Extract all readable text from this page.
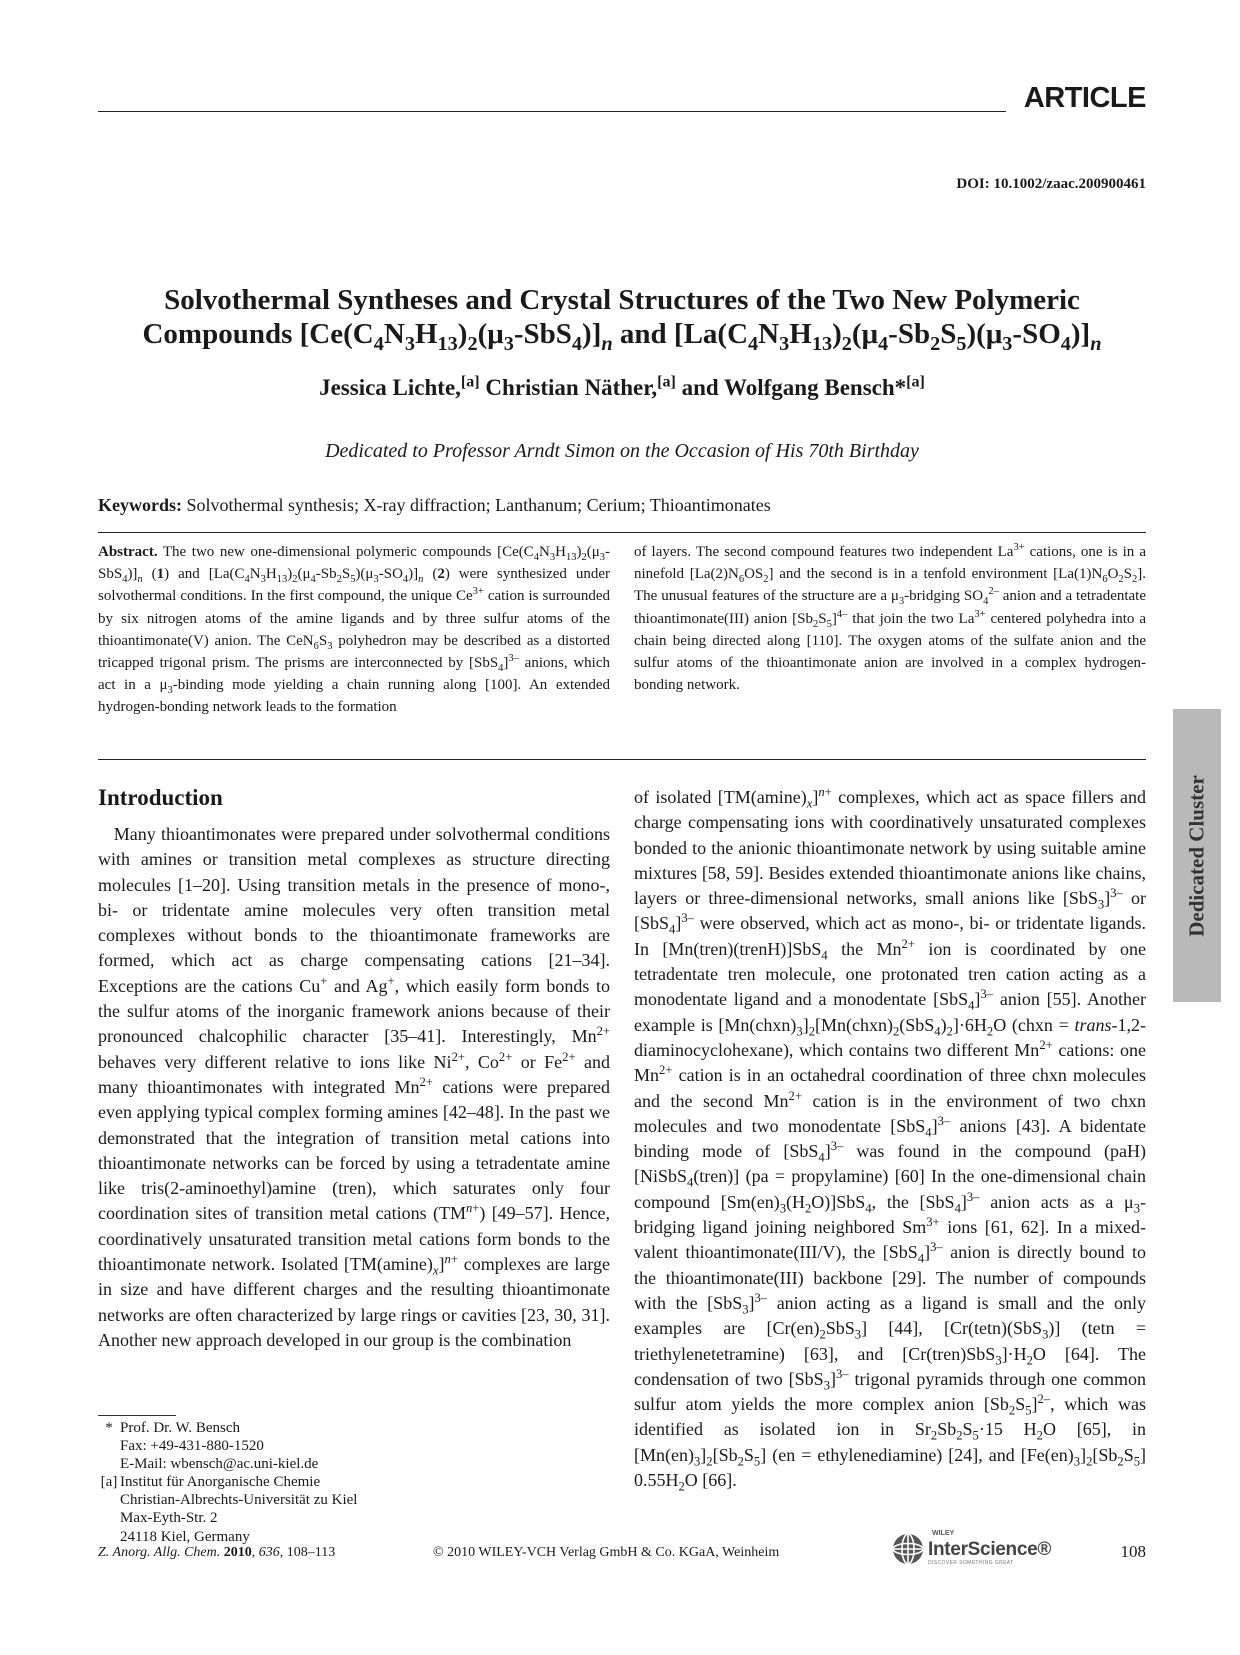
ARTICLE
DOI: 10.1002/zaac.200900461
Solvothermal Syntheses and Crystal Structures of the Two New Polymeric
Compounds $[Ce(C_4N_3H_{13})_2(\mu_3-SbS_4)]_n$ and $[La(C_4N_3H_{13})_2(\mu_4-Sb_2S_5)(\mu_3-SO_4)]_n$
Jessica Lichte,[a] Christian Näther,[a] and Wolfgang Bensch*[a]
Dedicated to Professor Arndt Simon on the Occasion of His 70th Birthday
Keywords: Solvothermal synthesis; X-ray diffraction; Lanthanum; Cerium; Thioantimonates
Abstract. The two new one-dimensional polymeric compounds $[Ce(C_4N_3H_{13})_2(\mu_3-SbS_4)]_n$ (1) and $[La(C_4N_3H_{13})_2(\mu_4-Sb_2S_5)(\mu_3-SO_4)]_n$ (2) were synthesized under solvothermal conditions. In the first compound, the unique $Ce^{3+}$ cation is surrounded by six nitrogen atoms of the amine ligands and by three sulfur atoms of the thioantimonate(V) anion. The $CeN_6S_3$ polyhedron may be described as a distorted tricapped trigonal prism. The prisms are interconnected by $[SbS_4]^{3-}$ anions, which act in a $\mu_3$-binding mode yielding a chain running along [100]. An extended hydrogen-bonding network leads to the formation
of layers. The second compound features two independent $La^{3+}$ cations, one is in a ninefold $[La(2)N_6OS_2]$ and the second is in a tenfold environment $[La(1)N_6O_2S_2]$. The unusual features of the structure are a $\mu_3$-bridging $SO_4^{2-}$ anion and a tetradentate thioantimonate(III) anion $[Sb_2S_5]^{4-}$ that join the two $La^{3+}$ centered polyhedra into a chain being directed along [110]. The oxygen atoms of the sulfate anion and the sulfur atoms of the thioantimonate anion are involved in a complex hydrogen-bonding network.
Dedicated Cluster
Introduction
Many thioantimonates were prepared under solvothermal conditions with amines or transition metal complexes as structure directing molecules [1–20]. Using transition metals in the presence of mono-, bi- or tridentate amine molecules very often transition metal complexes without bonds to the thioantimonate frameworks are formed, which act as charge compensating cations [21–34]. Exceptions are the cations Cu+ and Ag+, which easily form bonds to the sulfur atoms of the inorganic framework anions because of their pronounced chalcophilic character [35–41]. Interestingly, $Mn^{2+}$ behaves very different relative to ions like $Ni^{2+}$, $Co^{2+}$ or $Fe^{2+}$ and many thioantimonates with integrated $Mn^{2+}$ cations were prepared even applying typical complex forming amines [42–48]. In the past we demonstrated that the integration of transition metal cations into thioantimonate networks can be forced by using a tetradentate amine like tris(2-aminoethyl)amine (tren), which saturates only four coordination sites of transition metal cations $(TM^{n+})$ [49–57]. Hence, coordinatively unsaturated transition metal cations form bonds to the thioantimonate network. Isolated $[TM(amine)_x]^{n+}$ complexes are large in size and have different charges and the resulting thioantimonate networks are often characterized by large rings or cavities [23, 30, 31]. Another new approach developed in our group is the combination
of isolated $[TM(amine)_x]^{n+}$ complexes, which act as space fillers and charge compensating ions with coordinatively unsaturated complexes bonded to the anionic thioantimonate network by using suitable amine mixtures [58, 59]. Besides extended thioantimonate anions like chains, layers or three-dimensional networks, small anions like $[SbS_3]^{3-}$ or $[SbS_4]^{3-}$ were observed, which act as mono-, bi- or tridentate ligands. In [Mn(tren)(trenH)]SbS$_4$ the $Mn^{2+}$ ion is coordinated by one tetradentate tren molecule, one protonated tren cation acting as a monodentate ligand and a monodentate $[SbS_4]^{3-}$ anion [55]. Another example is $[Mn(chxn)_3]_2[Mn(chxn)_2(SbS_4)_2]\cdot 6H_2O$ (chxn = trans-1,2-diaminocyclohexane), which contains two different $Mn^{2+}$ cations: one $Mn^{2+}$ cation is in an octahedral coordination of three chxn molecules and the second $Mn^{2+}$ cation is in the environment of two chxn molecules and two monodentate $[SbS_4]^{3-}$ anions [43]. A bidentate binding mode of $[SbS_4]^{3-}$ was found in the compound (paH)[NiSbS$_4$(tren)] (pa = propylamine) [60] In the one-dimensional chain compound $[Sm(en)_3(H_2O)]SbS_4$, the $[SbS_4]^{3-}$ anion acts as a $\mu_3$-bridging ligand joining neighbored $Sm^{3+}$ ions [61, 62]. In a mixed-valent thioantimonate(III/V), the $[SbS_4]^{3-}$ anion is directly bound to the thioantimonate(III) backbone [29]. The number of compounds with the $[SbS_3]^{3-}$ anion acting as a ligand is small and the only examples are $[Cr(en)_2SbS_3]$ [44], [Cr(tetn)(SbS$_3$)] (tetn = triethylenetetramine) [63], and $[Cr(tren)SbS_3]\cdot H_2O$ [64]. The condensation of two $[SbS_3]^{3-}$ trigonal pyramids through one common sulfur atom yields the more complex anion $[Sb_2S_5]^{2-}$, which was identified as isolated ion in $Sr_2Sb_2S_5\cdot 15$ $H_2O$ [65], in $[Mn(en)_3]_2[Sb_2S_5] (en$ = ethylenediamine) [24], and $[Fe(en)_3]_2[Sb_2S_5]$ $0.55H_2O$ [66].
* Prof. Dr. W. Bensch
Fax: +49-431-880-1520
E-Mail: wbensch@ac.uni-kiel.de
[a] Institut für Anorganische Chemie
Christian-Albrechts-Universität zu Kiel
Max-Eyth-Str. 2
24118 Kiel, Germany
Z. Anorg. Allg. Chem. 2010, 636, 108–113	© 2010 WILEY-VCH Verlag GmbH & Co. KGaA, Weinheim
WILEY
InterScience®
DISCOVER SOMETHING GREAT
108
